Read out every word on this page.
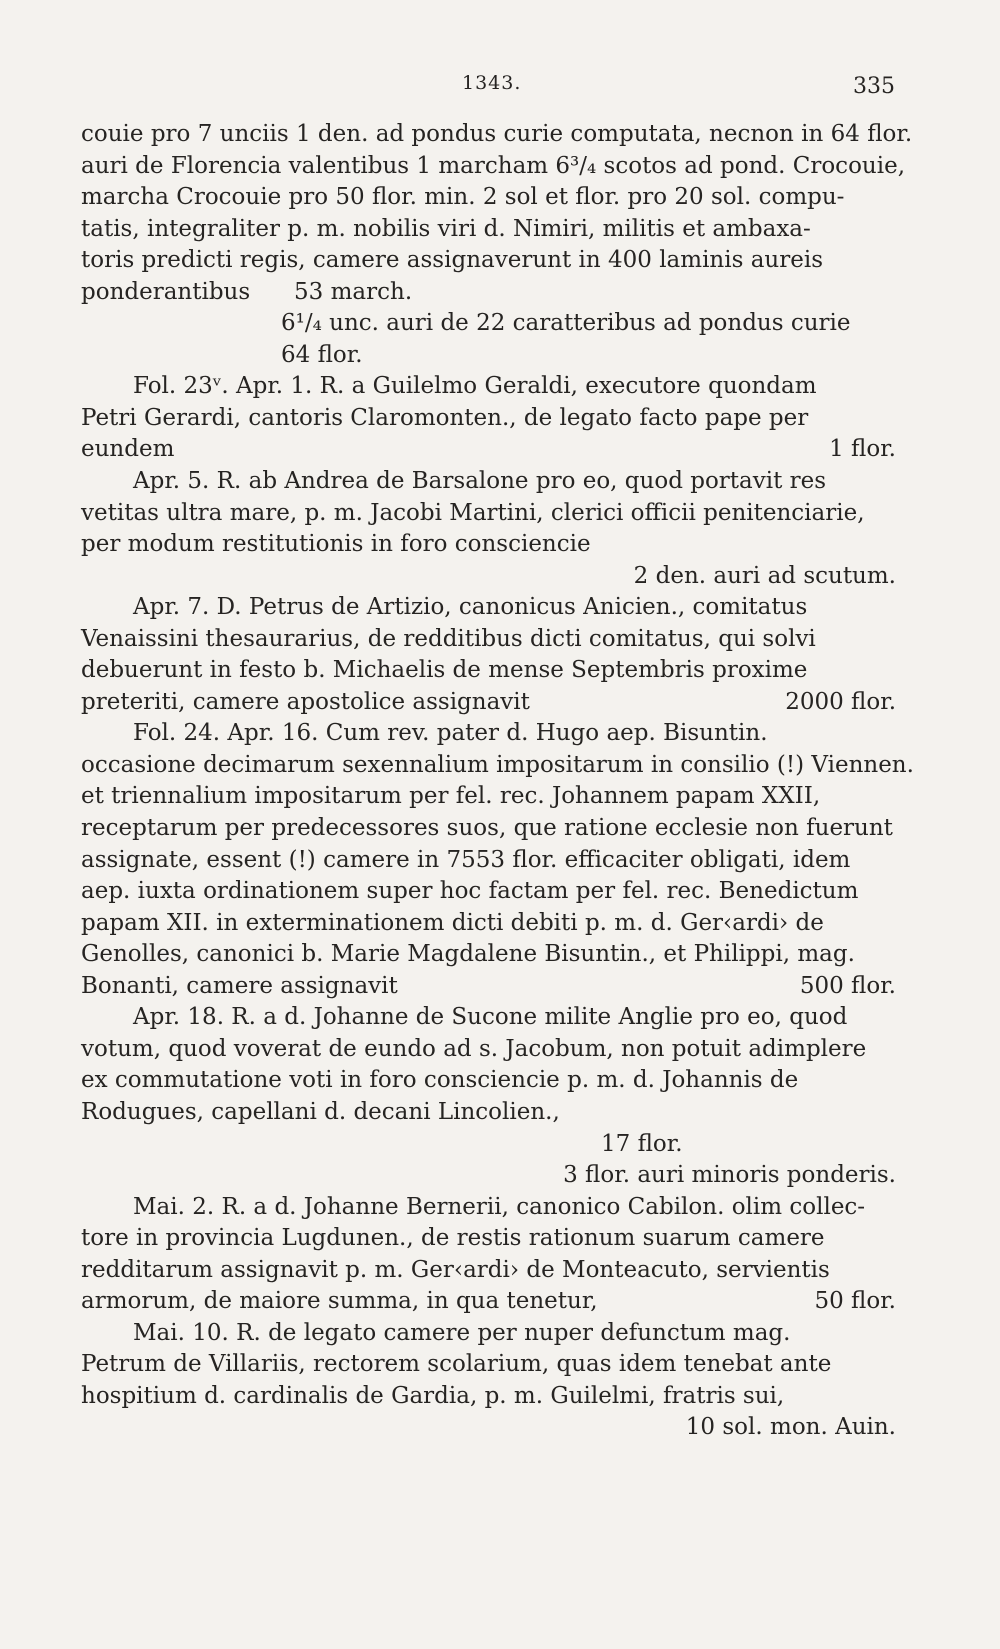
1343.	335
couie pro 7 unciis 1 den. ad pondus curie computata, necnon in 64 flor.
auri de Florencia valentibus 1 marcham 6³/₄ scotos ad pond. Crocouie,
marcha Crocouie pro 50 flor. min. 2 sol et flor. pro 20 sol. compu-
tatis, integraliter p. m. nobilis viri d. Nimiri, militis et ambaxa-
toris predicti regis, camere assignaverunt in 400 laminis aureis
ponderantibus      53 march.
6¹/₄ unc. auri de 22 caratteribus ad pondus curie
64 flor.
Fol. 23ᵛ. Apr. 1. R. a Guilelmo Geraldi, executore quondam
Petri Gerardi, cantoris Claromonten., de legato facto pape per
eundem	1 flor.
Apr. 5. R. ab Andrea de Barsalone pro eo, quod portavit res
vetitas ultra mare, p. m. Jacobi Martini, clerici officii penitenciarie,
per modum restitutionis in foro consciencie
2 den. auri ad scutum.
Apr. 7. D. Petrus de Artizio, canonicus Anicien., comitatus
Venaissini thesaurarius, de redditibus dicti comitatus, qui solvi
debuerunt in festo b. Michaelis de mense Septembris proxime
preteriti, camere apostolice assignavit	2000 flor.
Fol. 24. Apr. 16. Cum rev. pater d. Hugo aep. Bisuntin.
occasione decimarum sexennalium impositarum in consilio (!) Viennen.
et triennalium impositarum per fel. rec. Johannem papam XXII,
receptarum per predecessores suos, que ratione ecclesie non fuerunt
assignate, essent (!) camere in 7553 flor. efficaciter obligati, idem
aep. iuxta ordinationem super hoc factam per fel. rec. Benedictum
papam XII. in exterminationem dicti debiti p. m. d. Ger‹ardi› de
Genolles, canonici b. Marie Magdalene Bisuntin., et Philippi, mag.
Bonanti, camere assignavit	500 flor.
Apr. 18. R. a d. Johanne de Sucone milite Anglie pro eo, quod
votum, quod voverat de eundo ad s. Jacobum, non potuit adimplere
ex commutatione voti in foro consciencie p. m. d. Johannis de
Rodugues, capellani d. decani Lincolien.,
17 flor.
3 flor. auri minoris ponderis.
Mai. 2. R. a d. Johanne Bernerii, canonico Cabilon. olim collec-
tore in provincia Lugdunen., de restis rationum suarum camere
redditarum assignavit p. m. Ger‹ardi› de Monteacuto, servientis
armorum, de maiore summa, in qua tenetur,	50 flor.
Mai. 10. R. de legato camere per nuper defunctum mag.
Petrum de Villariis, rectorem scolarium, quas idem tenebat ante
hospitium d. cardinalis de Gardia, p. m. Guilelmi, fratris sui,
10 sol. mon. Auin.
